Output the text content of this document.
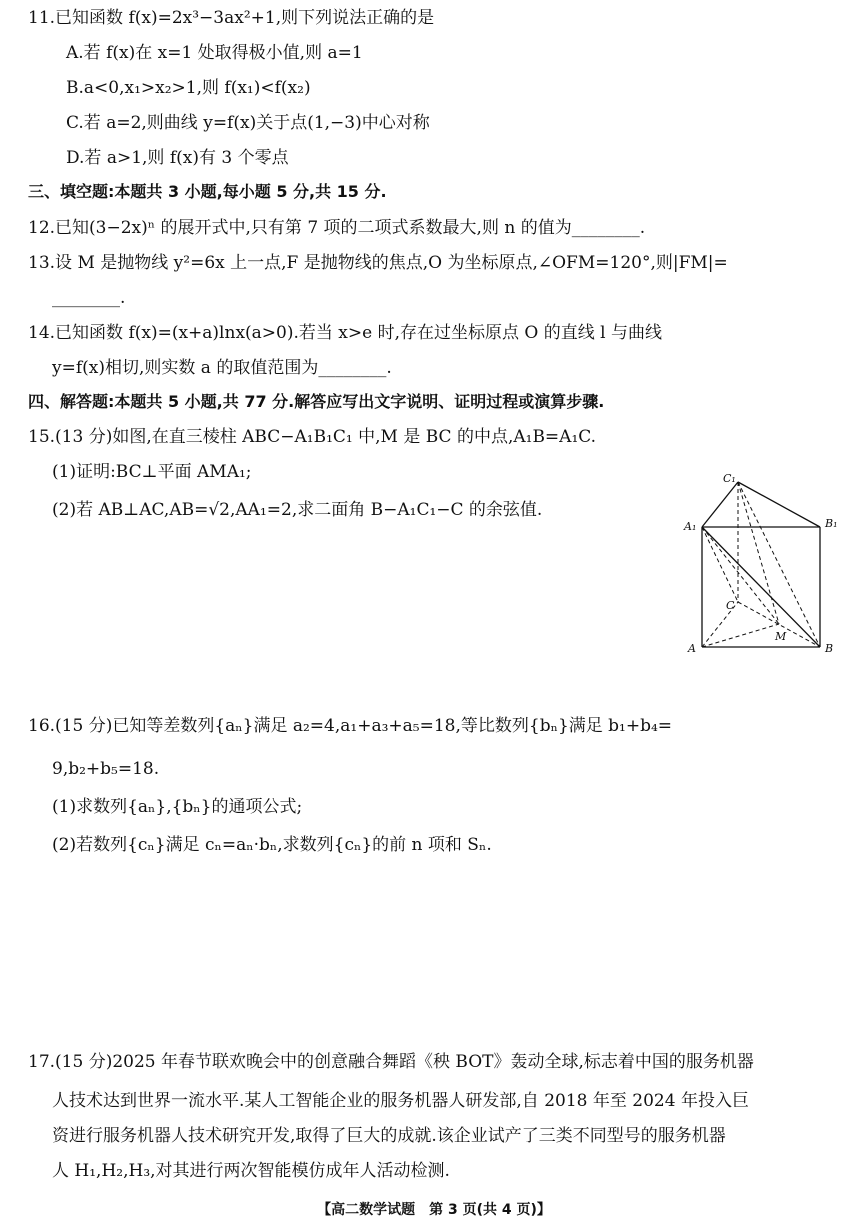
11.已知函数 f(x)=2x³−3ax²+1,则下列说法正确的是
A.若 f(x)在 x=1 处取得极小值,则 a=1
B.a<0,x₁>x₂>1,则 f(x₁)<f(x₂)
C.若 a=2,则曲线 y=f(x)关于点(1,−3)中心对称
D.若 a>1,则 f(x)有 3 个零点
三、填空题:本题共 3 小题,每小题 5 分,共 15 分.
12.已知(3−2x)ⁿ 的展开式中,只有第 7 项的二项式系数最大,则 n 的值为________.
13.设 M 是抛物线 y²=6x 上一点,F 是抛物线的焦点,O 为坐标原点,∠OFM=120°,则|FM|=
________.
14.已知函数 f(x)=(x+a)lnx(a>0).若当 x>e 时,存在过坐标原点 O 的直线 l 与曲线
y=f(x)相切,则实数 a 的取值范围为________.
四、解答题:本题共 5 小题,共 77 分.解答应写出文字说明、证明过程或演算步骤.
15.(13 分)如图,在直三棱柱 ABC−A₁B₁C₁ 中,M 是 BC 的中点,A₁B=A₁C.
(1)证明:BC⊥平面 AMA₁;
(2)若 AB⊥AC,AB=√2,AA₁=2,求二面角 B−A₁C₁−C 的余弦值.
C₁
A₁	B₁
C
M
A	B
16.(15 分)已知等差数列{aₙ}满足 a₂=4,a₁+a₃+a₅=18,等比数列{bₙ}满足 b₁+b₄=
9,b₂+b₅=18.
(1)求数列{aₙ},{bₙ}的通项公式;
(2)若数列{cₙ}满足 cₙ=aₙ·bₙ,求数列{cₙ}的前 n 项和 Sₙ.
17.(15 分)2025 年春节联欢晚会中的创意融合舞蹈《秧 BOT》轰动全球,标志着中国的服务机器
人技术达到世界一流水平.某人工智能企业的服务机器人研发部,自 2018 年至 2024 年投入巨
资进行服务机器人技术研究开发,取得了巨大的成就.该企业试产了三类不同型号的服务机器
人 H₁,H₂,H₃,对其进行两次智能模仿成年人活动检测.
【高二数学试题　第 3 页(共 4 页)】
